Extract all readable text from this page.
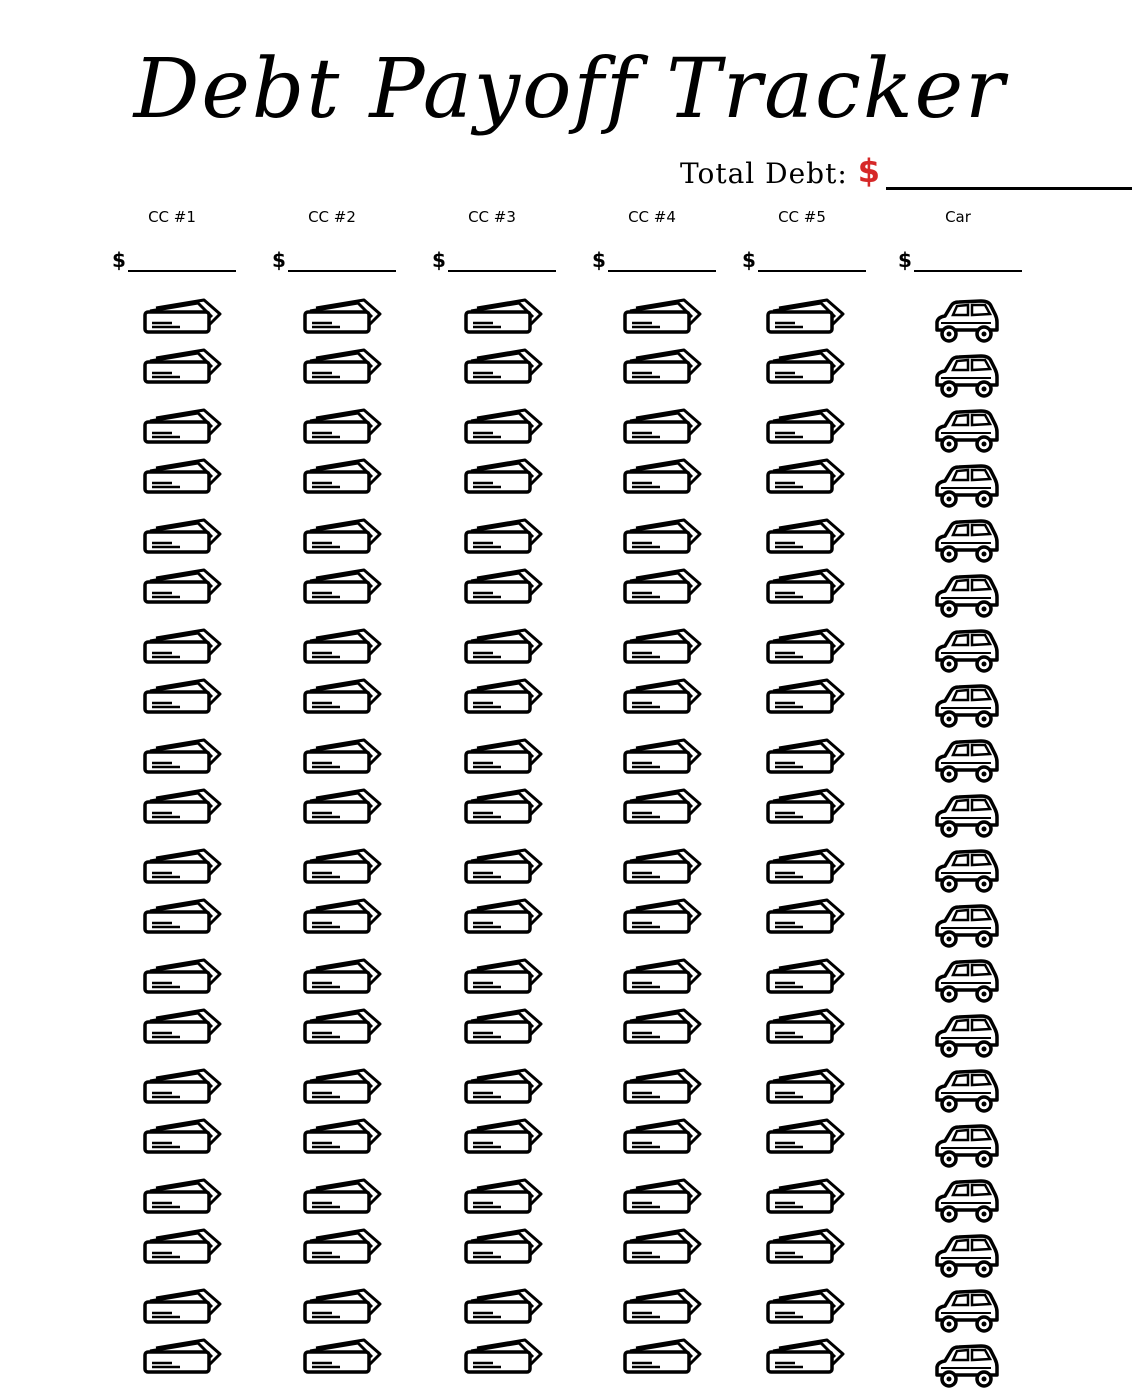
Debt Payoff Tracker
Total Debt: $
CC #1	CC #2	CC #3	CC #4	CC #5	Car
$	$	$	$	$	$
